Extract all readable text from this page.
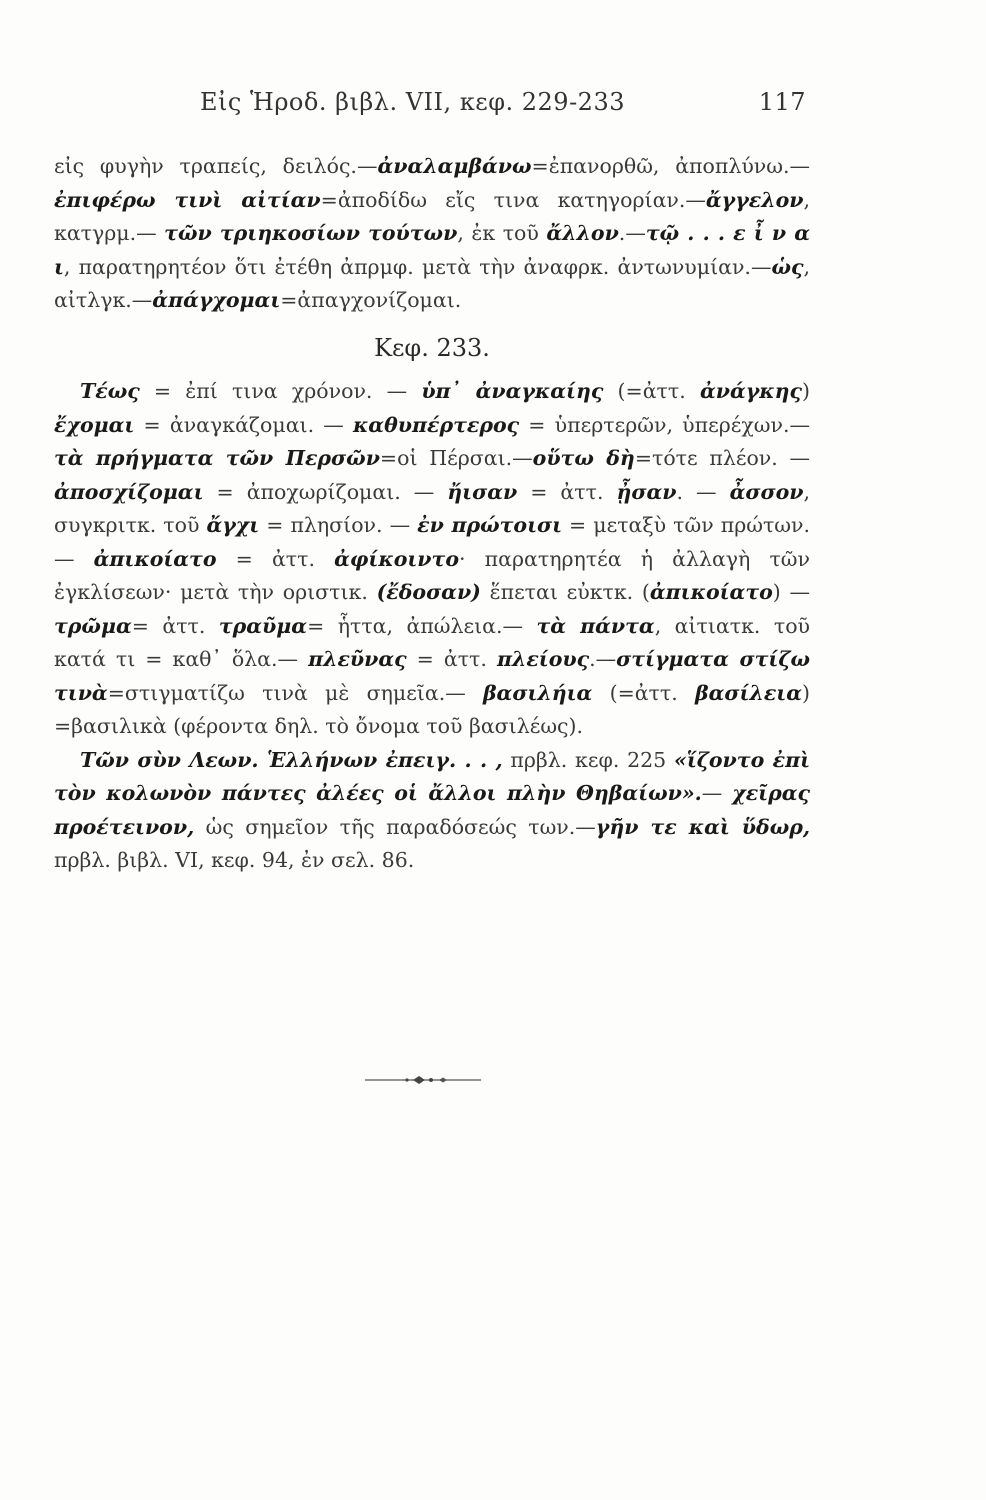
Εἰς Ἡροδ. βιβλ. VII, κεφ. 229-233	117

εἰς φυγὴν τραπείς, δειλός.—ἀναλαμβάνω=ἐπανορθῶ, ἀποπλύνω.— ἐπιφέρω τινὶ αἰτίαν=ἀποδίδω εἴς τινα κατηγορίαν.—ἄγγελον, κατγρμ.— τῶν τριηκοσίων τούτων, ἐκ τοῦ ἄλλον.—τῷ . . . ε ἶ ν α ι, παρατηρητέον ὅτι ἐτέθη ἀπρμφ. μετὰ τὴν ἀναφρκ. ἀντωνυμίαν.—ὡς, αἰτλγκ.—ἀπάγχομαι=ἀπαγχονίζομαι.

Κεφ. 233.

Τέως = ἐπί τινα χρόνον. — ὑπ᾿ ἀναγκαίης (=ἀττ. ἀνάγκης) ἔχομαι = ἀναγκάζομαι. — καθυπέρτερος = ὑπερτερῶν, ὑπερέχων.—τὰ πρήγματα τῶν Περσῶν=οἱ Πέρσαι.—οὕτω δὴ=τότε πλέον. — ἀποσχίζομαι = ἀποχωρίζομαι. — ἤισαν = ἀττ. ᾖσαν. — ἆσσον, συγκριτκ. τοῦ ἄγχι = πλησίον. — ἐν πρώτοισι = μεταξὺ τῶν πρώτων. — ἀπικοίατο = ἀττ. ἀφίκοιντο· παρατηρητέα ἡ ἀλλαγὴ τῶν ἐγκλίσεων· μετὰ τὴν οριστικ. (ἔδοσαν) ἕπεται εὐκτκ. (ἀπικοίατο) —τρῶμα= ἀττ. τραῦμα= ἧττα, ἀπώλεια.— τὰ πάντα, αἰτιατκ. τοῦ κατά τι = καθ᾿ ὅλα.— πλεῦνας = ἀττ. πλείους.—στίγματα στίζω τινὰ=στιγματίζω τινὰ μὲ σημεῖα.— βασιλήια (=ἀττ. βασίλεια) =βασιλικὰ (φέροντα δηλ. τὸ ὄνομα τοῦ βασιλέως).

Τῶν σὺν Λεων. Ἑλλήνων ἐπειγ. . . , πρβλ. κεφ. 225 «ἵζοντο ἐπὶ τὸν κολωνὸν πάντες ἀλέες οἱ ἄλλοι πλὴν Θηβαίων».— χεῖρας προέτεινον, ὡς σημεῖον τῆς παραδόσεώς των.—γῆν τε καὶ ὕδωρ, πρβλ. βιβλ. VI, κεφ. 94, ἐν σελ. 86.
